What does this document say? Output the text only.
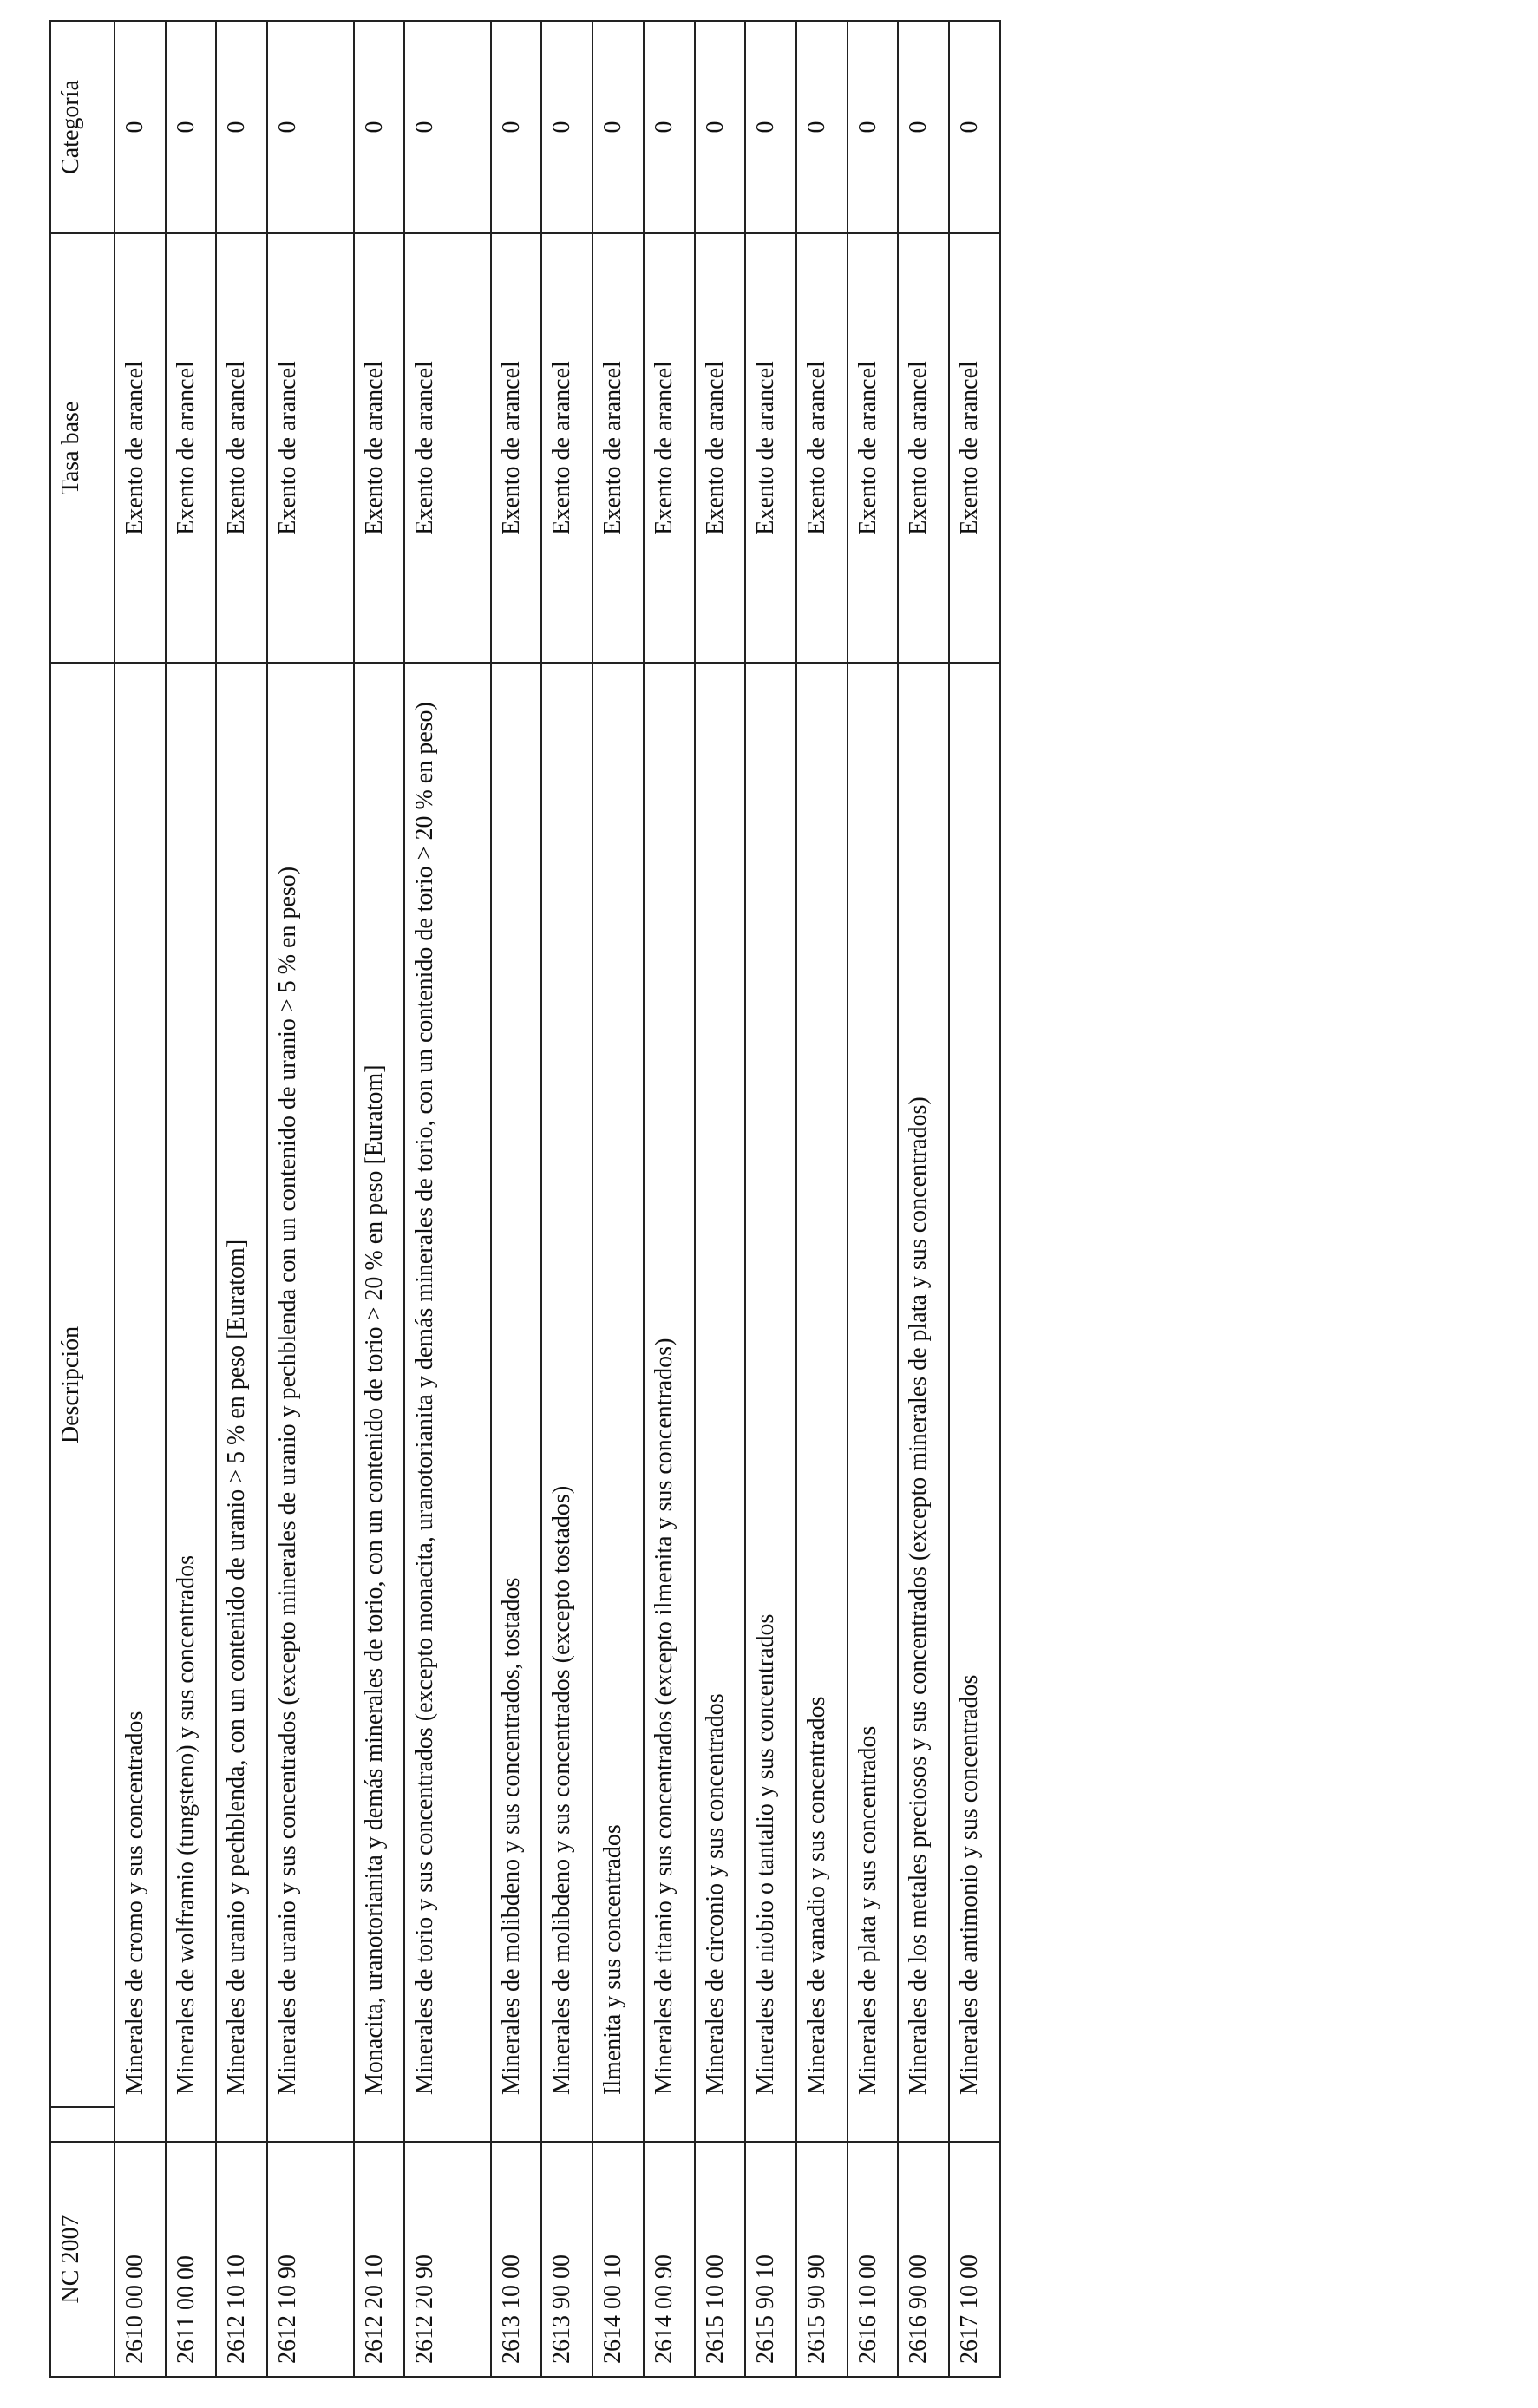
NC 2007		Descripción	Tasa base	Categoría
2610 00 00		Minerales de cromo y sus concentrados	Exento de arancel	0
2611 00 00		Minerales de wolframio (tungsteno) y sus concentrados	Exento de arancel	0
2612 10 10		Minerales de uranio y pechblenda, con un contenido de uranio > 5 % en peso [Euratom]	Exento de arancel	0
2612 10 90		Minerales de uranio y sus concentrados (excepto minerales de uranio y pechblenda con un contenido de uranio > 5 % en peso)	Exento de arancel	0
2612 20 10		Monacita, uranotorianita y demás minerales de torio, con un contenido de torio > 20 % en peso [Euratom]	Exento de arancel	0
2612 20 90		Minerales de torio y sus concentrados (excepto monacita, uranotorianita y demás minerales de torio, con un contenido de torio > 20 % en peso)	Exento de arancel	0
2613 10 00		Minerales de molibdeno y sus concentrados, tostados	Exento de arancel	0
2613 90 00		Minerales de molibdeno y sus concentrados (excepto tostados)	Exento de arancel	0
2614 00 10		Ilmenita y sus concentrados	Exento de arancel	0
2614 00 90		Minerales de titanio y sus concentrados (excepto ilmenita y sus concentrados)	Exento de arancel	0
2615 10 00		Minerales de circonio y sus concentrados	Exento de arancel	0
2615 90 10		Minerales de niobio o tantalio y sus concentrados	Exento de arancel	0
2615 90 90		Minerales de vanadio y sus concentrados	Exento de arancel	0
2616 10 00		Minerales de plata y sus concentrados	Exento de arancel	0
2616 90 00		Minerales de los metales preciosos y sus concentrados (excepto minerales de plata y sus concentrados)	Exento de arancel	0
2617 10 00		Minerales de antimonio y sus concentrados	Exento de arancel	0
